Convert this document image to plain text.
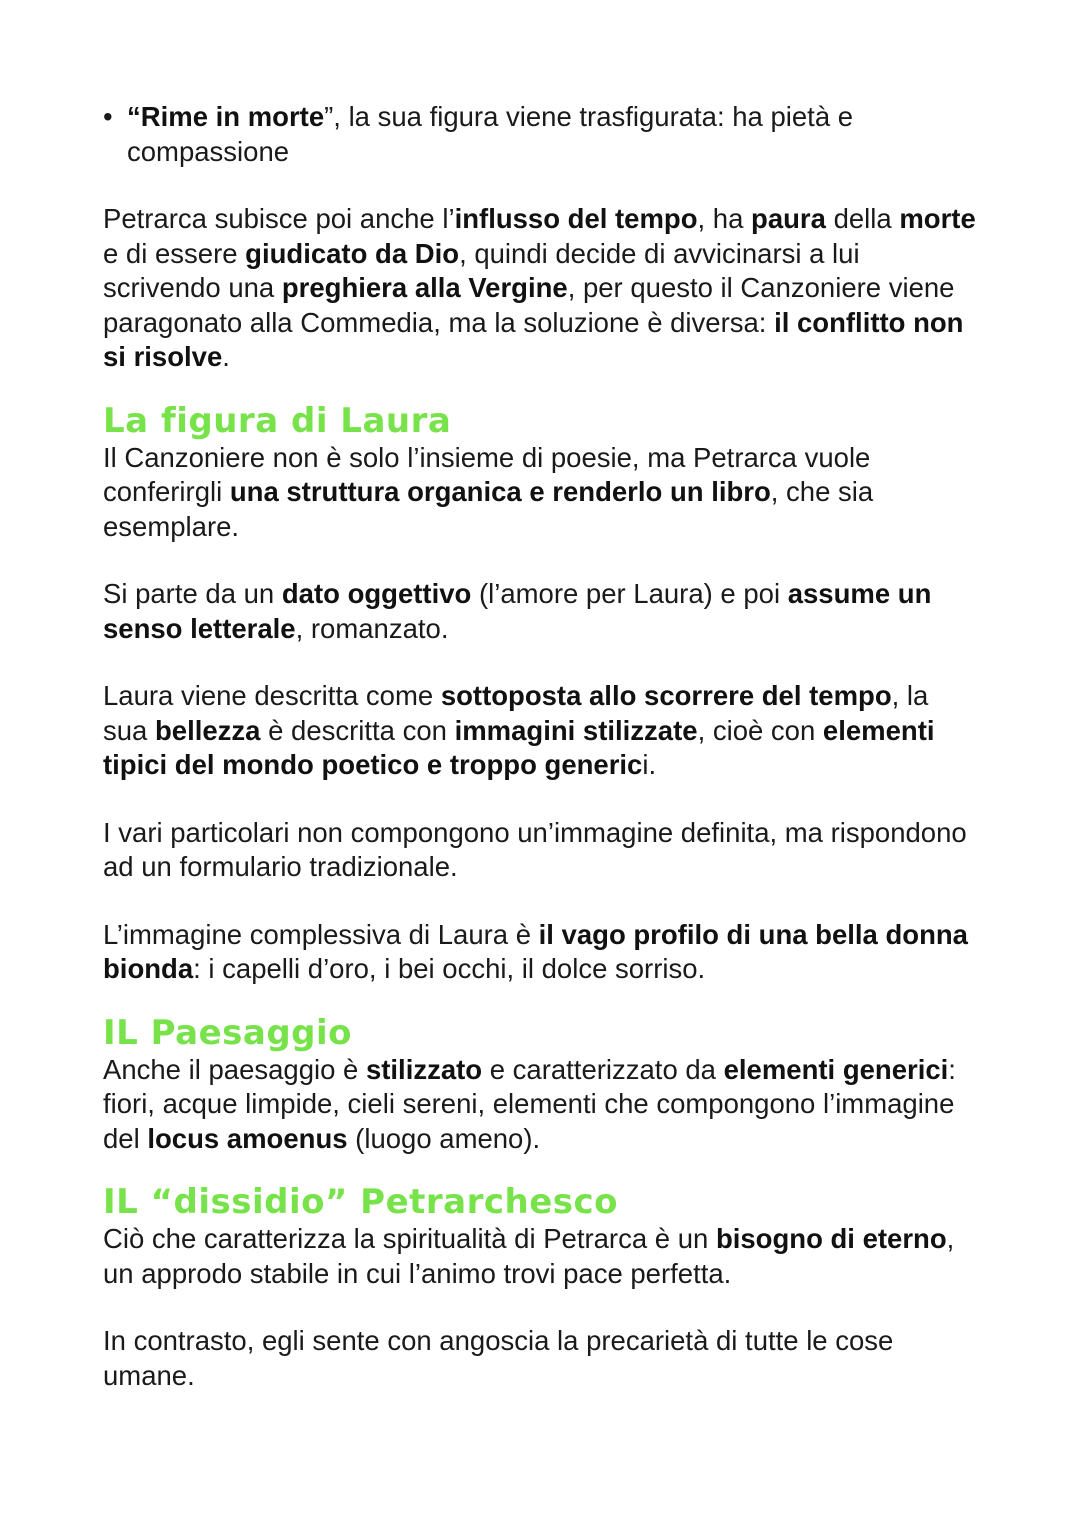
• “Rime in morte”, la sua figura viene trasfigurata: ha pietà e compassione

Petrarca subisce poi anche l’influsso del tempo, ha paura della morte e di essere giudicato da Dio, quindi decide di avvicinarsi a lui scrivendo una preghiera alla Vergine, per questo il Canzoniere viene paragonato alla Commedia, ma la soluzione è diversa: il conflitto non si risolve.

La figura di Laura

Il Canzoniere non è solo l’insieme di poesie, ma Petrarca vuole conferirgli una struttura organica e renderlo un libro, che sia esemplare.

Si parte da un dato oggettivo (l’amore per Laura) e poi assume un senso letterale, romanzato.

Laura viene descritta come sottoposta allo scorrere del tempo, la sua bellezza è descritta con immagini stilizzate, cioè con elementi tipici del mondo poetico e troppo generici.

I vari particolari non compongono un’immagine definita, ma rispondono ad un formulario tradizionale.

L’immagine complessiva di Laura è il vago profilo di una bella donna bionda: i capelli d’oro, i bei occhi, il dolce sorriso.

IL Paesaggio

Anche il paesaggio è stilizzato e caratterizzato da elementi generici: fiori, acque limpide, cieli sereni, elementi che compongono l’immagine del locus amoenus (luogo ameno).

IL “dissidio” Petrarchesco

Ciò che caratterizza la spiritualità di Petrarca è un bisogno di eterno, un approdo stabile in cui l’animo trovi pace perfetta.

In contrasto, egli sente con angoscia la precarietà di tutte le cose umane.
